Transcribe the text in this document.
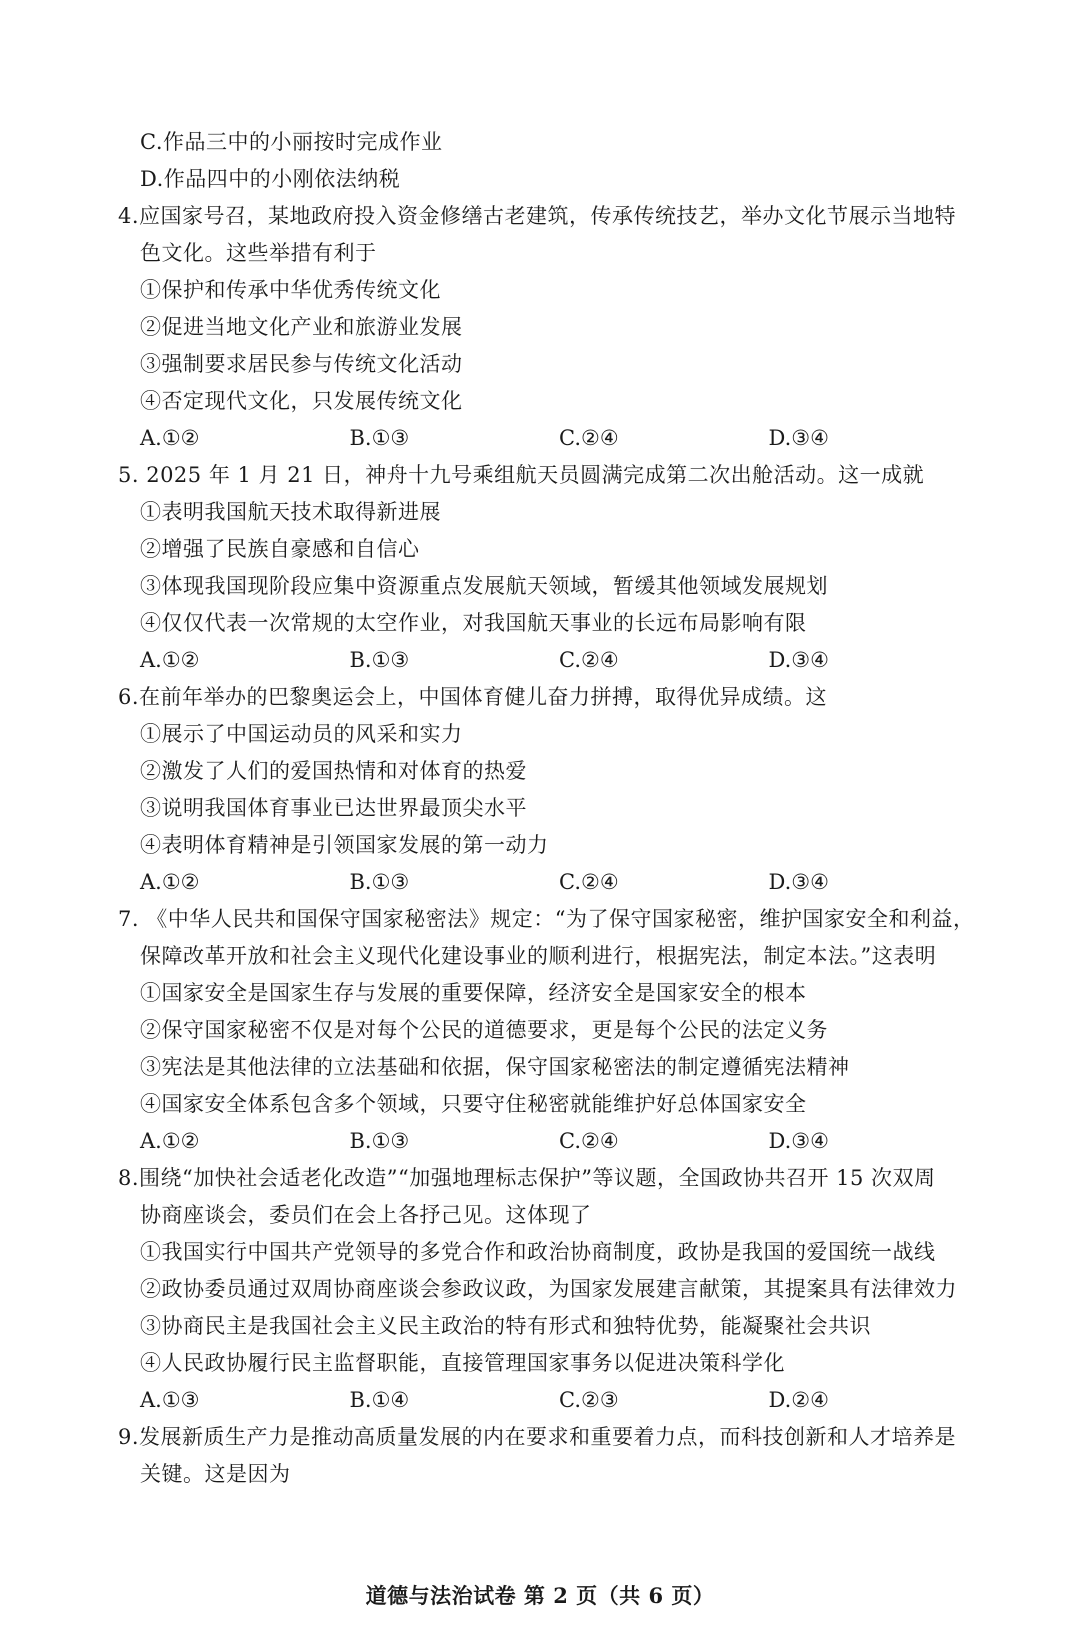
C.作品三中的小丽按时完成作业
D.作品四中的小刚依法纳税
4.应国家号召，某地政府投入资金修缮古老建筑，传承传统技艺，举办文化节展示当地特
色文化。这些举措有利于
①保护和传承中华优秀传统文化
②促进当地文化产业和旅游业发展
③强制要求居民参与传统文化活动
④否定现代文化，只发展传统文化
A.①②	B.①③	C.②④	D.③④
5. 2025 年 1 月 21 日，神舟十九号乘组航天员圆满完成第二次出舱活动。这一成就
①表明我国航天技术取得新进展
②增强了民族自豪感和自信心
③体现我国现阶段应集中资源重点发展航天领域，暂缓其他领域发展规划
④仅仅代表一次常规的太空作业，对我国航天事业的长远布局影响有限
A.①②	B.①③	C.②④	D.③④
6.在前年举办的巴黎奥运会上，中国体育健儿奋力拼搏，取得优异成绩。这
①展示了中国运动员的风采和实力
②激发了人们的爱国热情和对体育的热爱
③说明我国体育事业已达世界最顶尖水平
④表明体育精神是引领国家发展的第一动力
A.①②	B.①③	C.②④	D.③④
7. 《中华人民共和国保守国家秘密法》规定：“为了保守国家秘密，维护国家安全和利益，
保障改革开放和社会主义现代化建设事业的顺利进行，根据宪法，制定本法。”这表明
①国家安全是国家生存与发展的重要保障，经济安全是国家安全的根本
②保守国家秘密不仅是对每个公民的道德要求，更是每个公民的法定义务
③宪法是其他法律的立法基础和依据，保守国家秘密法的制定遵循宪法精神
④国家安全体系包含多个领域，只要守住秘密就能维护好总体国家安全
A.①②	B.①③	C.②④	D.③④
8.围绕“加快社会适老化改造”“加强地理标志保护”等议题，全国政协共召开 15 次双周
协商座谈会，委员们在会上各抒己见。这体现了
①我国实行中国共产党领导的多党合作和政治协商制度，政协是我国的爱国统一战线
②政协委员通过双周协商座谈会参政议政，为国家发展建言献策，其提案具有法律效力
③协商民主是我国社会主义民主政治的特有形式和独特优势，能凝聚社会共识
④人民政协履行民主监督职能，直接管理国家事务以促进决策科学化
A.①③	B.①④	C.②③	D.②④
9.发展新质生产力是推动高质量发展的内在要求和重要着力点，而科技创新和人才培养是
关键。这是因为
道德与法治试卷 第 2 页（共 6 页）
